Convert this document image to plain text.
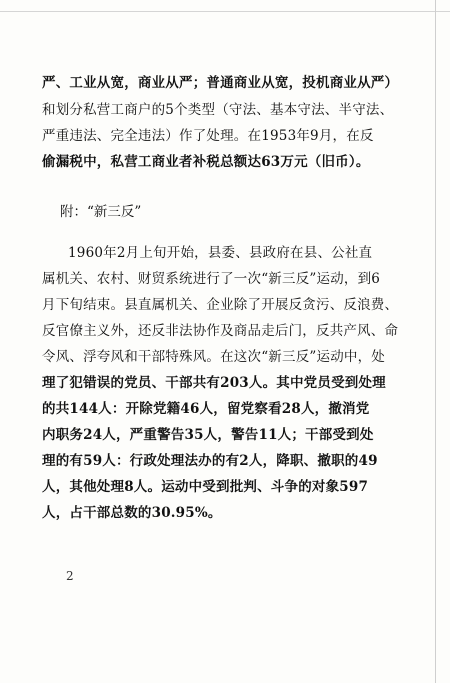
严、工业从宽，商业从严；普通商业从宽，投机商业从严）
和划分私营工商户的5个类型（守法、基本守法、半守法、
严重违法、完全违法）作了处理。在1953年9月，在反
偷漏税中，私营工商业者补税总额达63万元（旧币）。
附：“新三反”
1960年2月上旬开始，县委、县政府在县、公社直
属机关、农村、财贸系统进行了一次“新三反”运动，到6
月下旬结束。县直属机关、企业除了开展反贪污、反浪费、
反官僚主义外，还反非法协作及商品走后门，反共产风、命
令风、浮夸风和干部特殊风。在这次“新三反”运动中，处
理了犯错误的党员、干部共有203人。其中党员受到处理
的共144人：开除党籍46人，留党察看28人，撤消党
内职务24人，严重警告35人，警告11人；干部受到处
理的有59人：行政处理法办的有2人，降职、撤职的49
人，其他处理8人。运动中受到批判、斗争的对象597
人，占干部总数的30.95%。
2
